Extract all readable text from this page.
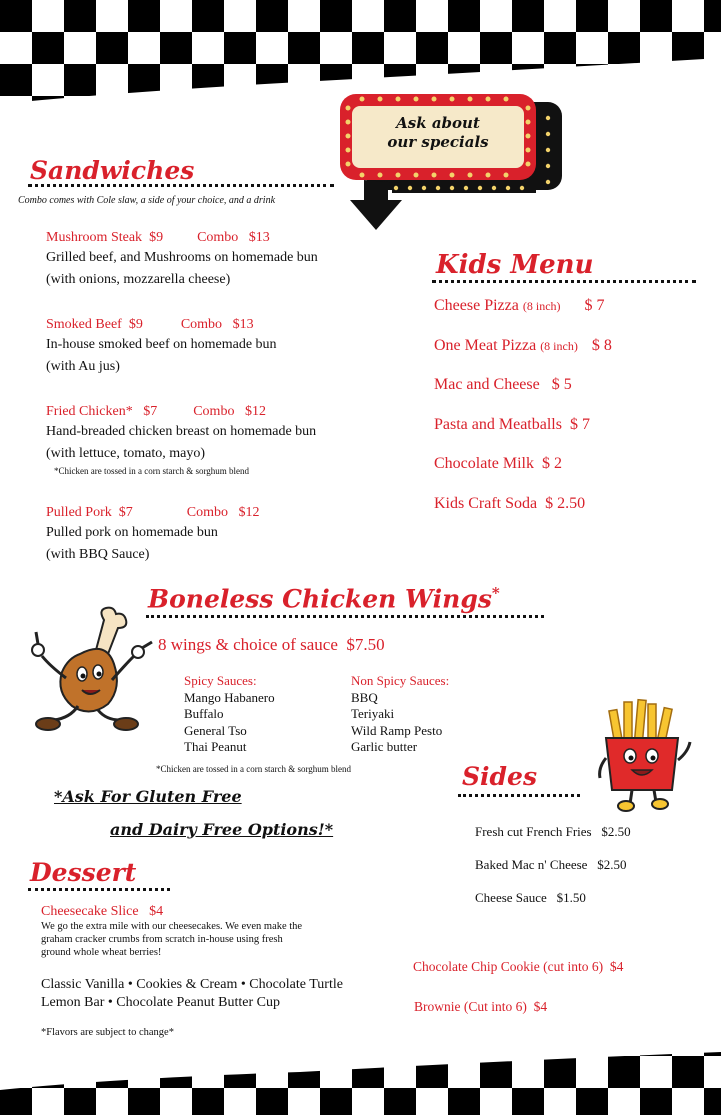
Ask about
our specials
Sandwiches
Combo comes with Cole slaw, a side of your choice, and a drink
Mushroom Steak $9 Combo $13
Grilled beef, and Mushrooms on homemade bun
(with onions, mozzarella cheese)
Smoked Beef $9	Combo $13
In-house smoked beef on homemade bun
(with Au jus)
Fried Chicken* $7	Combo $12
Hand-breaded chicken breast on homemade bun
(with lettuce, tomato, mayo)
*Chicken are tossed in a corn starch & sorghum blend
Pulled Pork $7	Combo $12
Pulled pork on homemade bun
(with BBQ Sauce)
Kids Menu
Cheese Pizza (8 inch) $ 7
One Meat Pizza (8 inch) $ 8
Mac and Cheese $ 5
Pasta and Meatballs $ 7
Chocolate Milk $ 2
Kids Craft Soda $ 2.50
Boneless Chicken Wings*
8 wings & choice of sauce $7.50
Spicy Sauces:
Mango Habanero
Buffalo
General Tso
Thai Peanut
Non Spicy Sauces:
BBQ
Teriyaki
Wild Ramp Pesto
Garlic butter
*Chicken are tossed in a corn starch & sorghum blend	Sides
Fresh cut French Fries $2.50
Baked Mac n' Cheese $2.50
Cheese Sauce $1.50
*Ask For Gluten Free
and Dairy Free Options!*
Dessert
Cheesecake Slice $4
We go the extra mile with our cheesecakes. We even make the
graham cracker crumbs from scratch in-house using fresh
ground whole wheat berries!
Classic Vanilla • Cookies & Cream • Chocolate Turtle
Lemon Bar • Chocolate Peanut Butter Cup
*Flavors are subject to change*
Chocolate Chip Cookie (cut into 6) $4
Brownie (Cut into 6) $4
